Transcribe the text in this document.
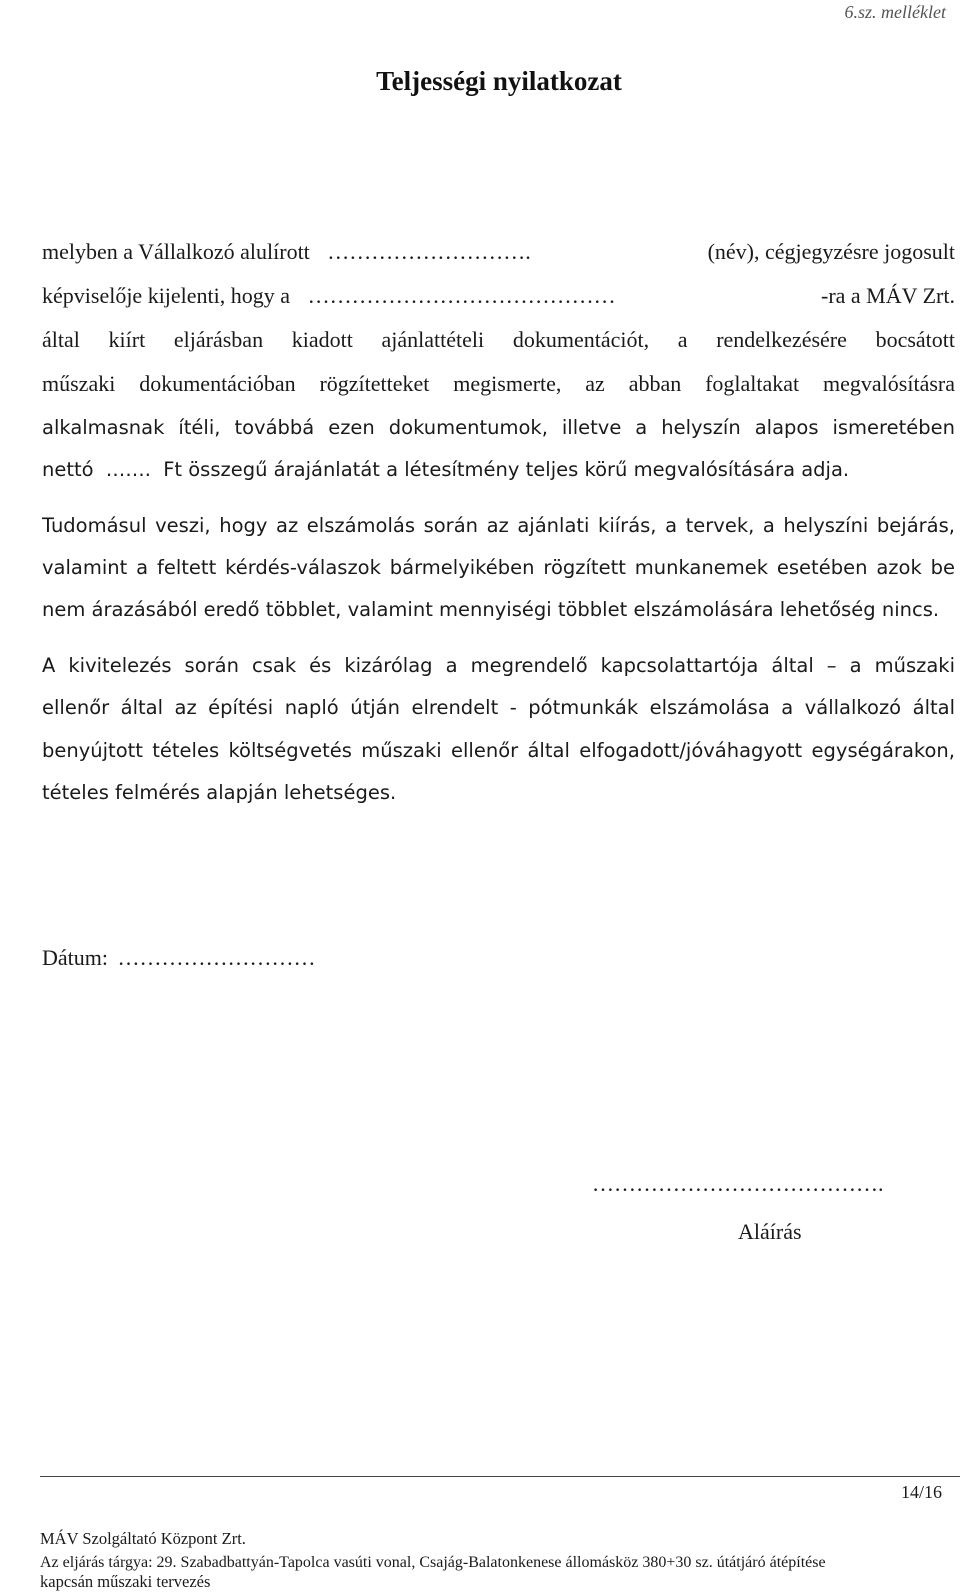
6.sz. melléklet
Teljességi nyilatkozat
melyben a Vállalkozó alulírott ……………………….	(név), cégjegyzésre jogosult
képviselője kijelenti, hogy a ……………………………………	-ra a MÁV Zrt.
által kiírt eljárásban kiadott ajánlattételi dokumentációt, a rendelkezésére bocsátott
műszaki dokumentációban rögzítetteket megismerte, az abban foglaltakat megvalósításra
alkalmasnak ítéli, továbbá ezen dokumentumok, illetve a helyszín alapos ismeretében
nettó ……. Ft összegű árajánlatát a létesítmény teljes körű megvalósítására adja.
Tudomásul veszi, hogy az elszámolás során az ajánlati kiírás, a tervek, a helyszíni bejárás,
valamint a feltett kérdés-válaszok bármelyikében rögzített munkanemek esetében azok be
nem árazásából eredő többlet, valamint mennyiségi többlet elszámolására lehetőség nincs.
A kivitelezés során csak és kizárólag a megrendelő kapcsolattartója által – a műszaki
ellenőr által az építési napló útján elrendelt - pótmunkák elszámolása a vállalkozó által
benyújtott tételes költségvetés műszaki ellenőr által elfogadott/jóváhagyott egységárakon,
tételes felmérés alapján lehetséges.
Dátum: ………………………
………………………………….
Aláírás
14/16
MÁV Szolgáltató Központ Zrt.
Az eljárás tárgya: 29. Szabadbattyán-Tapolca vasúti vonal, Csajág-Balatonkenese állomásköz 380+30 sz. útátjáró átépítése
kapcsán műszaki tervezés
